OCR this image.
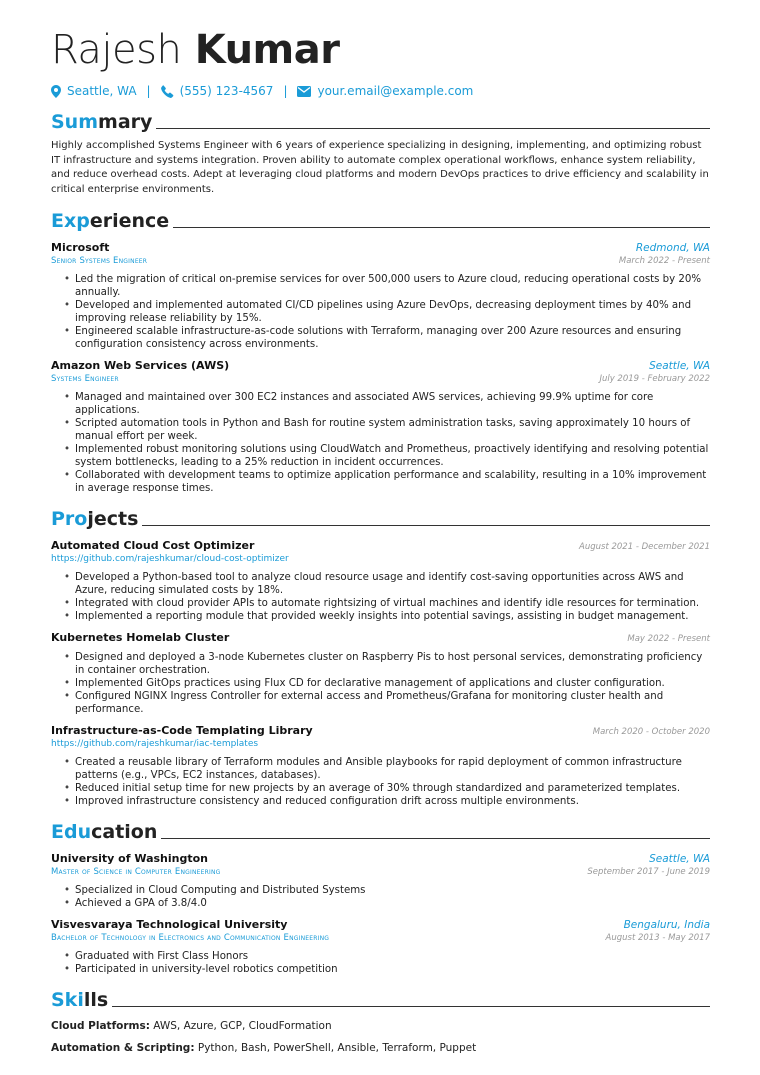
Rajesh Kumar
Seattle, WA | (555) 123-4567 |	your.email@example.com
Summary
Highly accomplished Systems Engineer with 6 years of experience specializing in designing, implementing, and optimizing robust IT infrastructure and systems integration. Proven ability to automate complex operational workflows, enhance system reliability, and reduce overhead costs. Adept at leveraging cloud platforms and modern DevOps practices to drive efficiency and scalability in critical enterprise environments.
Experience
Microsoft	Redmond, WA
Senior Systems Engineer	March 2022 - Present
• Led the migration of critical on-premise services for over 500,000 users to Azure cloud, reducing operational costs by 20% annually.
• Developed and implemented automated CI/CD pipelines using Azure DevOps, decreasing deployment times by 40% and improving release reliability by 15%.
• Engineered scalable infrastructure-as-code solutions with Terraform, managing over 200 Azure resources and ensuring configuration consistency across environments.
Amazon Web Services (AWS)	Seattle, WA
Systems Engineer	July 2019 - February 2022
• Managed and maintained over 300 EC2 instances and associated AWS services, achieving 99.9% uptime for core applications.
• Scripted automation tools in Python and Bash for routine system administration tasks, saving approximately 10 hours of manual effort per week.
• Implemented robust monitoring solutions using CloudWatch and Prometheus, proactively identifying and resolving potential system bottlenecks, leading to a 25% reduction in incident occurrences.
• Collaborated with development teams to optimize application performance and scalability, resulting in a 10% improvement in average response times.
Projects
Automated Cloud Cost Optimizer	August 2021 - December 2021
https://github.com/rajeshkumar/cloud-cost-optimizer
• Developed a Python-based tool to analyze cloud resource usage and identify cost-saving opportunities across AWS and Azure, reducing simulated costs by 18%.
• Integrated with cloud provider APIs to automate rightsizing of virtual machines and identify idle resources for termination.
• Implemented a reporting module that provided weekly insights into potential savings, assisting in budget management.
Kubernetes Homelab Cluster	May 2022 - Present
• Designed and deployed a 3-node Kubernetes cluster on Raspberry Pis to host personal services, demonstrating proficiency in container orchestration.
• Implemented GitOps practices using Flux CD for declarative management of applications and cluster configuration.
• Configured NGINX Ingress Controller for external access and Prometheus/Grafana for monitoring cluster health and performance.
Infrastructure-as-Code Templating Library	March 2020 - October 2020
https://github.com/rajeshkumar/iac-templates
• Created a reusable library of Terraform modules and Ansible playbooks for rapid deployment of common infrastructure patterns (e.g., VPCs, EC2 instances, databases).
• Reduced initial setup time for new projects by an average of 30% through standardized and parameterized templates.
• Improved infrastructure consistency and reduced configuration drift across multiple environments.
Education
University of Washington	Seattle, WA
Master of Science in Computer Engineering	September 2017 - June 2019
• Specialized in Cloud Computing and Distributed Systems
• Achieved a GPA of 3.8/4.0
Visvesvaraya Technological University	Bengaluru, India
Bachelor of Technology in Electronics and Communication Engineering	August 2013 - May 2017
• Graduated with First Class Honors
• Participated in university-level robotics competition
Skills
Cloud Platforms: AWS, Azure, GCP, CloudFormation
Automation & Scripting: Python, Bash, PowerShell, Ansible, Terraform, Puppet
